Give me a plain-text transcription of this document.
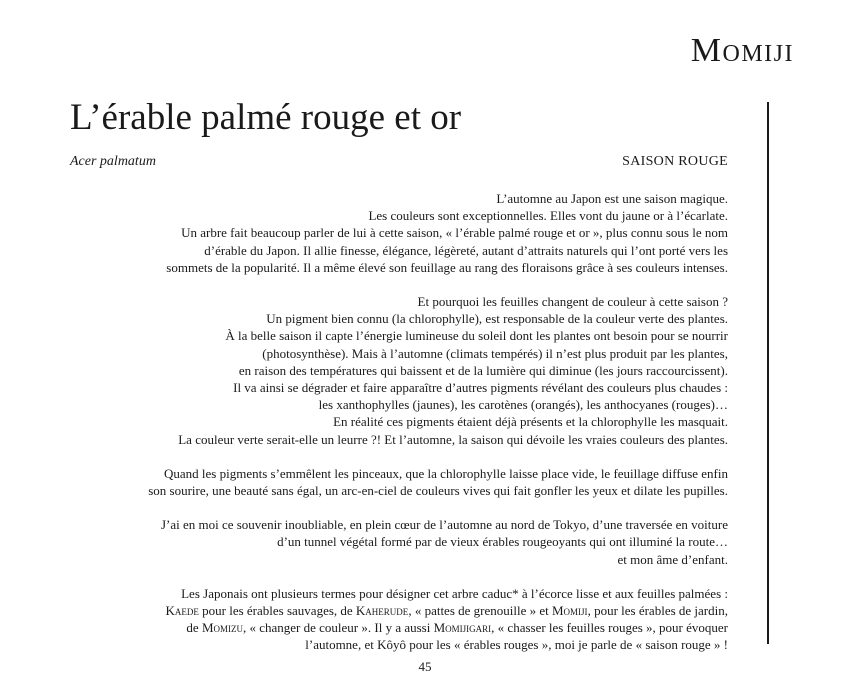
Momiji
L’érable palmé rouge et or
Acer palmatum	SAISON ROUGE

L’automne au Japon est une saison magique.
Les couleurs sont exceptionnelles. Elles vont du jaune or à l’écarlate.
Un arbre fait beaucoup parler de lui à cette saison, « l’érable palmé rouge et or », plus connu sous le nom
d’érable du Japon. Il allie finesse, élégance, légèreté, autant d’attraits naturels qui l’ont porté vers les
sommets de la popularité. Il a même élevé son feuillage au rang des floraisons grâce à ses couleurs intenses.

Et pourquoi les feuilles changent de couleur à cette saison ?
Un pigment bien connu (la chlorophylle), est responsable de la couleur verte des plantes.
À la belle saison il capte l’énergie lumineuse du soleil dont les plantes ont besoin pour se nourrir
(photosynthèse). Mais à l’automne (climats tempérés) il n’est plus produit par les plantes,
en raison des températures qui baissent et de la lumière qui diminue (les jours raccourcissent).
Il va ainsi se dégrader et faire apparaître d’autres pigments révélant des couleurs plus chaudes :
les xanthophylles (jaunes), les carotènes (orangés), les anthocyanes (rouges)…
En réalité ces pigments étaient déjà présents et la chlorophylle les masquait.
La couleur verte serait-elle un leurre ?! Et l’automne, la saison qui dévoile les vraies couleurs des plantes.

Quand les pigments s’emmêlent les pinceaux, que la chlorophylle laisse place vide, le feuillage diffuse enfin
son sourire, une beauté sans égal, un arc-en-ciel de couleurs vives qui fait gonfler les yeux et dilate les pupilles.

J’ai en moi ce souvenir inoubliable, en plein cœur de l’automne au nord de Tokyo, d’une traversée en voiture
d’un tunnel végétal formé par de vieux érables rougeoyants qui ont illuminé la route…
et mon âme d’enfant.

Les Japonais ont plusieurs termes pour désigner cet arbre caduc* à l’écorce lisse et aux feuilles palmées :
Kaede pour les érables sauvages, de Kaherude, « pattes de grenouille » et Momiji, pour les érables de jardin,
de Momizu, « changer de couleur ». Il y a aussi Momijigari, « chasser les feuilles rouges », pour évoquer
l’automne, et Kôyô pour les « érables rouges », moi je parle de « saison rouge » !

45
